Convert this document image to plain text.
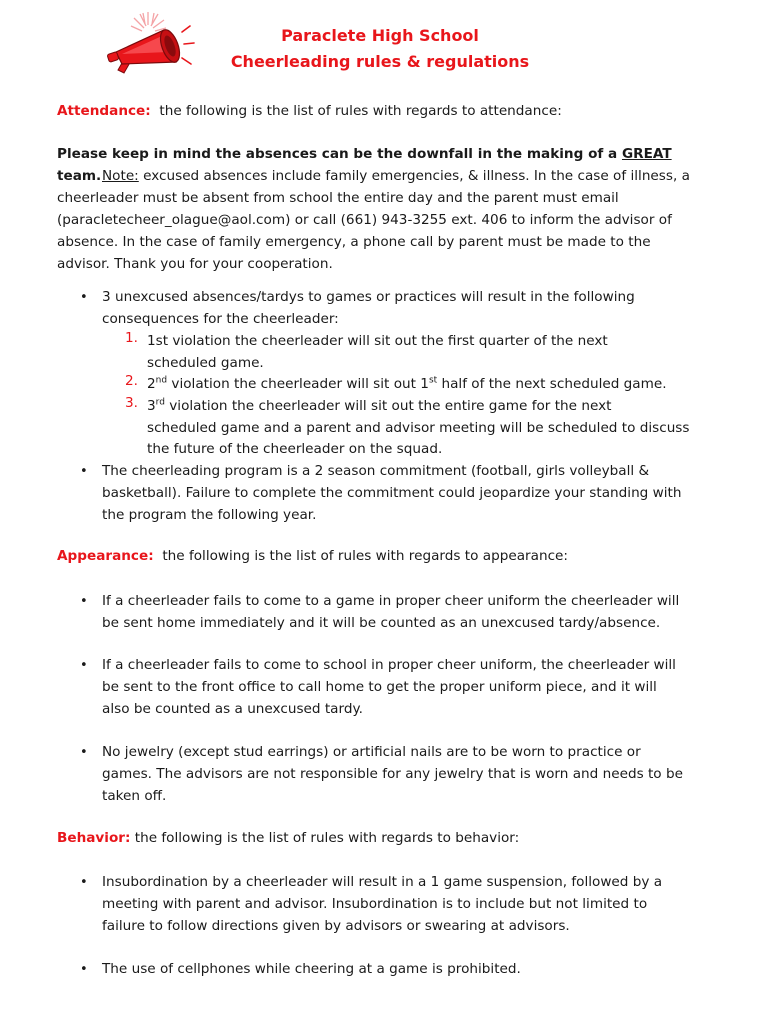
Paraclete High School
Cheerleading rules & regulations
Attendance: the following is the list of rules with regards to attendance:
Please keep in mind the absences can be the downfall in the making of a GREAT team. Note: excused absences include family emergencies, & illness. In the case of illness, a
cheerleader must be absent from school the entire day and the parent must email
(paracletecheer_olague@aol.com) or call (661) 943-3255 ext. 406 to inform the advisor of
absence. In the case of family emergency, a phone call by parent must be made to the
advisor. Thank you for your cooperation.
• 3 unexcused absences/tardys to games or practices will result in the following
consequences for the cheerleader:
1. 1st violation the cheerleader will sit out the first quarter of the next
scheduled game.
2. 2nd violation the cheerleader will sit out 1st half of the next scheduled game.
3. 3rd violation the cheerleader will sit out the entire game for the next
scheduled game and a parent and advisor meeting will be scheduled to discuss
the future of the cheerleader on the squad.
• The cheerleading program is a 2 season commitment (football, girls volleyball &
basketball). Failure to complete the commitment could jeopardize your standing with
the program the following year.
Appearance: the following is the list of rules with regards to appearance:
• If a cheerleader fails to come to a game in proper cheer uniform the cheerleader will
be sent home immediately and it will be counted as an unexcused tardy/absence.
• If a cheerleader fails to come to school in proper cheer uniform, the cheerleader will
be sent to the front office to call home to get the proper uniform piece, and it will
also be counted as a unexcused tardy.
• No jewelry (except stud earrings) or artificial nails are to be worn to practice or
games. The advisors are not responsible for any jewelry that is worn and needs to be
taken off.
Behavior: the following is the list of rules with regards to behavior:
• Insubordination by a cheerleader will result in a 1 game suspension, followed by a
meeting with parent and advisor. Insubordination is to include but not limited to
failure to follow directions given by advisors or swearing at advisors.
• The use of cellphones while cheering at a game is prohibited.
